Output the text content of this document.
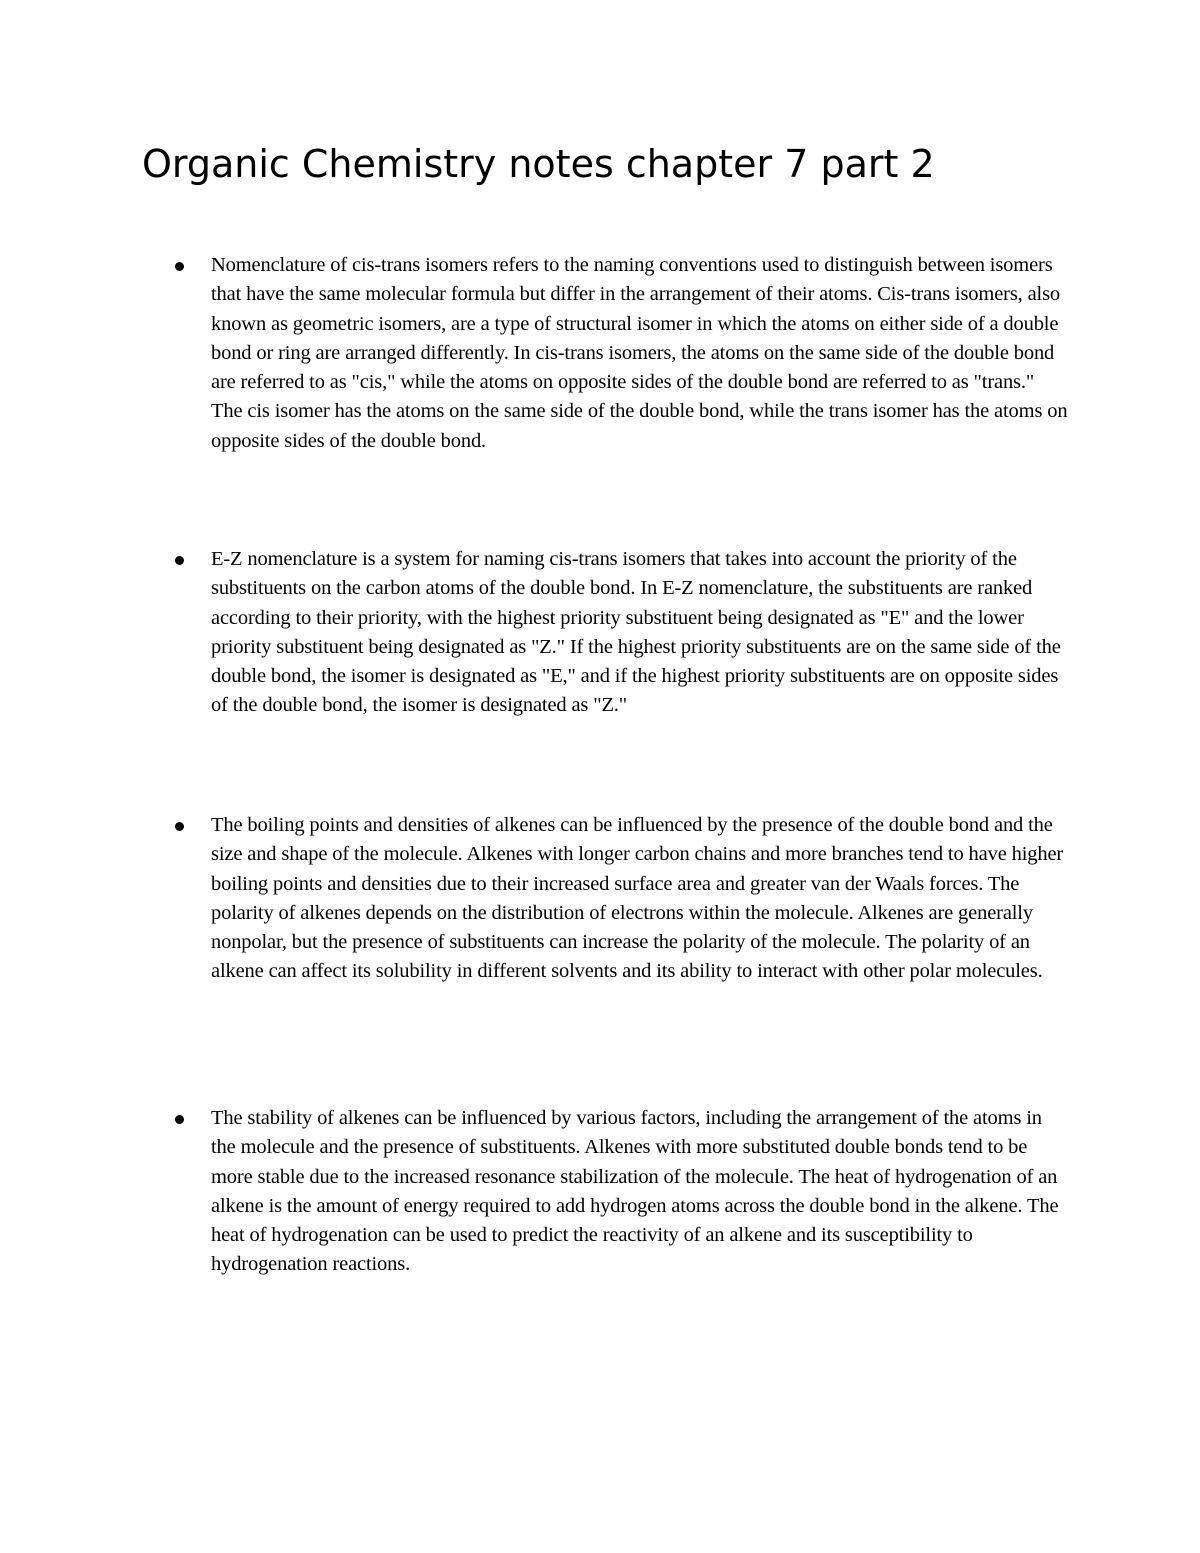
Organic Chemistry notes chapter 7 part 2

Nomenclature of cis-trans isomers refers to the naming conventions used to distinguish between isomers that have the same molecular formula but differ in the arrangement of their atoms. Cis-trans isomers, also known as geometric isomers, are a type of structural isomer in which the atoms on either side of a double bond or ring are arranged differently. In cis-trans isomers, the atoms on the same side of the double bond are referred to as "cis," while the atoms on opposite sides of the double bond are referred to as "trans." The cis isomer has the atoms on the same side of the double bond, while the trans isomer has the atoms on opposite sides of the double bond.

E-Z nomenclature is a system for naming cis-trans isomers that takes into account the priority of the substituents on the carbon atoms of the double bond. In E-Z nomenclature, the substituents are ranked according to their priority, with the highest priority substituent being designated as "E" and the lower priority substituent being designated as "Z." If the highest priority substituents are on the same side of the double bond, the isomer is designated as "E," and if the highest priority substituents are on opposite sides of the double bond, the isomer is designated as "Z."

The boiling points and densities of alkenes can be influenced by the presence of the double bond and the size and shape of the molecule. Alkenes with longer carbon chains and more branches tend to have higher boiling points and densities due to their increased surface area and greater van der Waals forces. The polarity of alkenes depends on the distribution of electrons within the molecule. Alkenes are generally nonpolar, but the presence of substituents can increase the polarity of the molecule. The polarity of an alkene can affect its solubility in different solvents and its ability to interact with other polar molecules.

The stability of alkenes can be influenced by various factors, including the arrangement of the atoms in the molecule and the presence of substituents. Alkenes with more substituted double bonds tend to be more stable due to the increased resonance stabilization of the molecule. The heat of hydrogenation of an alkene is the amount of energy required to add hydrogen atoms across the double bond in the alkene. The heat of hydrogenation can be used to predict the reactivity of an alkene and its susceptibility to hydrogenation reactions.
